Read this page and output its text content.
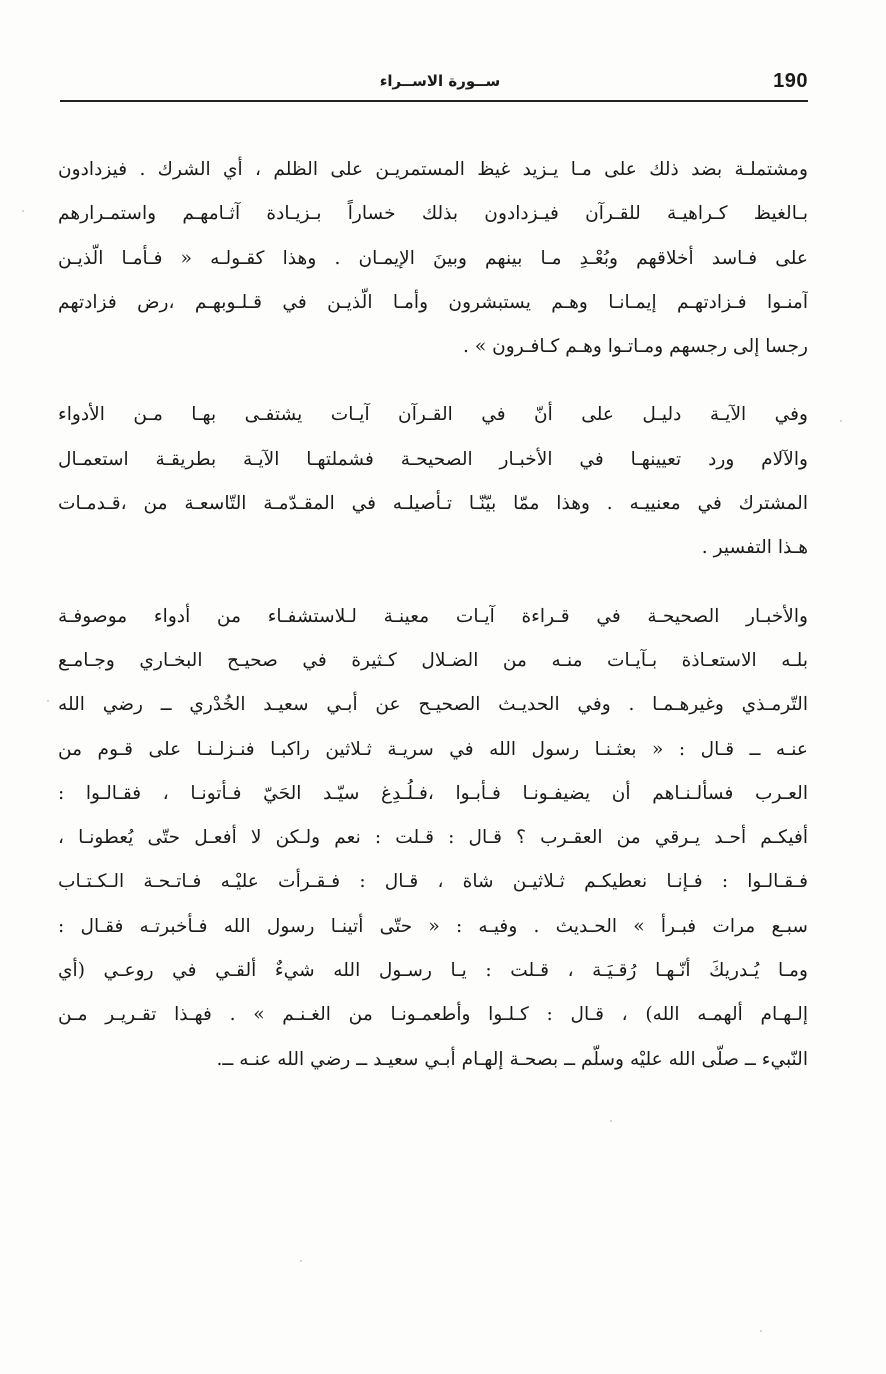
ســورة الاســراء	190
ومشتملـة بضد ذلك على مـا يـزيد غيظ المستمريـن على الظلم ، أي الشرك . فيزدادون
بـالغيظ كـراهيـة للقـرآن فيـزدادون بذلك خساراً بـزيـادة آثـامهـم واستمـرارهم
على فـاسد أخلاقهم وبُعْـدِ مـا بينهم وبينَ الإيمـان . وهذا كقـولـه « فـأمـا الّذيـن
آمنـوا فـزادتهـم إيمـانـا وهـم يستبشرون وأمـا الّذيـن في قـلـوبهـم ،رض فزادتهم
رجسا إلى رجسهم ومـاتـوا وهـم كـافـرون » .
وفي الآيـة دليـل على أنّ في القـرآن آيـات يشتفـى بهـا مـن الأدواء
والآلام ورد تعيينهـا في الأخبـار الصحيحـة فشملتهـا الآيـة بطريقـة استعمـال
المشترك في معنييـه . وهذا ممّا بيّنّـا تـأصيلـه في المقـدّمـة التّاسعـة من ،قـدمـات
هـذا التفسير .
والأخبـار الصحيحـة في قـراءة آيـات معينـة لـلاستشفـاء من أدواء موصوفـة
بلـه الاستعـاذة بـآيـات منـه من الضـلال كـثيرة في صحيـح البخـاري وجـامـع
التّرمـذي وغيرهـمـا . وفي الحديـث الصحيـح عن أبـي سعيـد الخُدْري ــ رضي الله
عنـه ــ قـال : « بعثـنـا رسول الله في سريـة ثـلاثين راكبـا فنـزلـنـا على قـوم من
العـرب فسألـنـاهم أن يضيفـونـا فـأبـوا ،فـلُـدِغ سيّـد الحَيّ فـأتونـا ، فقـالـوا :
أفيكـم أحـد يـرقي من العقـرب ؟ قـال : قـلت : نعم ولـكن لا أفعـل حتّى يُعطونـا ،
فـقـالـوا : فـإنـا نعطيكـم ثـلاثيـن شاة ، قـال : فـقـرأت عليْـه فـاتـحـة الـكـتـاب
سبـع مرات فبـرأ » الحـديث . وفيـه : « حتّى أتينـا رسول الله فـأخبرتـه فقـال :
ومـا يُـدريكَ أنّـهـا رُقـيَـة ، قـلت : يـا رسـول الله شيءٌ ألقـي في روعـي (أي
إلـهـام ألهمـه الله) ، قـال : كـلـوا وأطعمـونـا من الغـنـم » . فهـذا تقـريـر مـن
النّبيء ــ صلّى الله عليْه وسلّم ــ بصحـة إلهـام أبـي سعيـد ــ رضي الله عنـه ــ.
